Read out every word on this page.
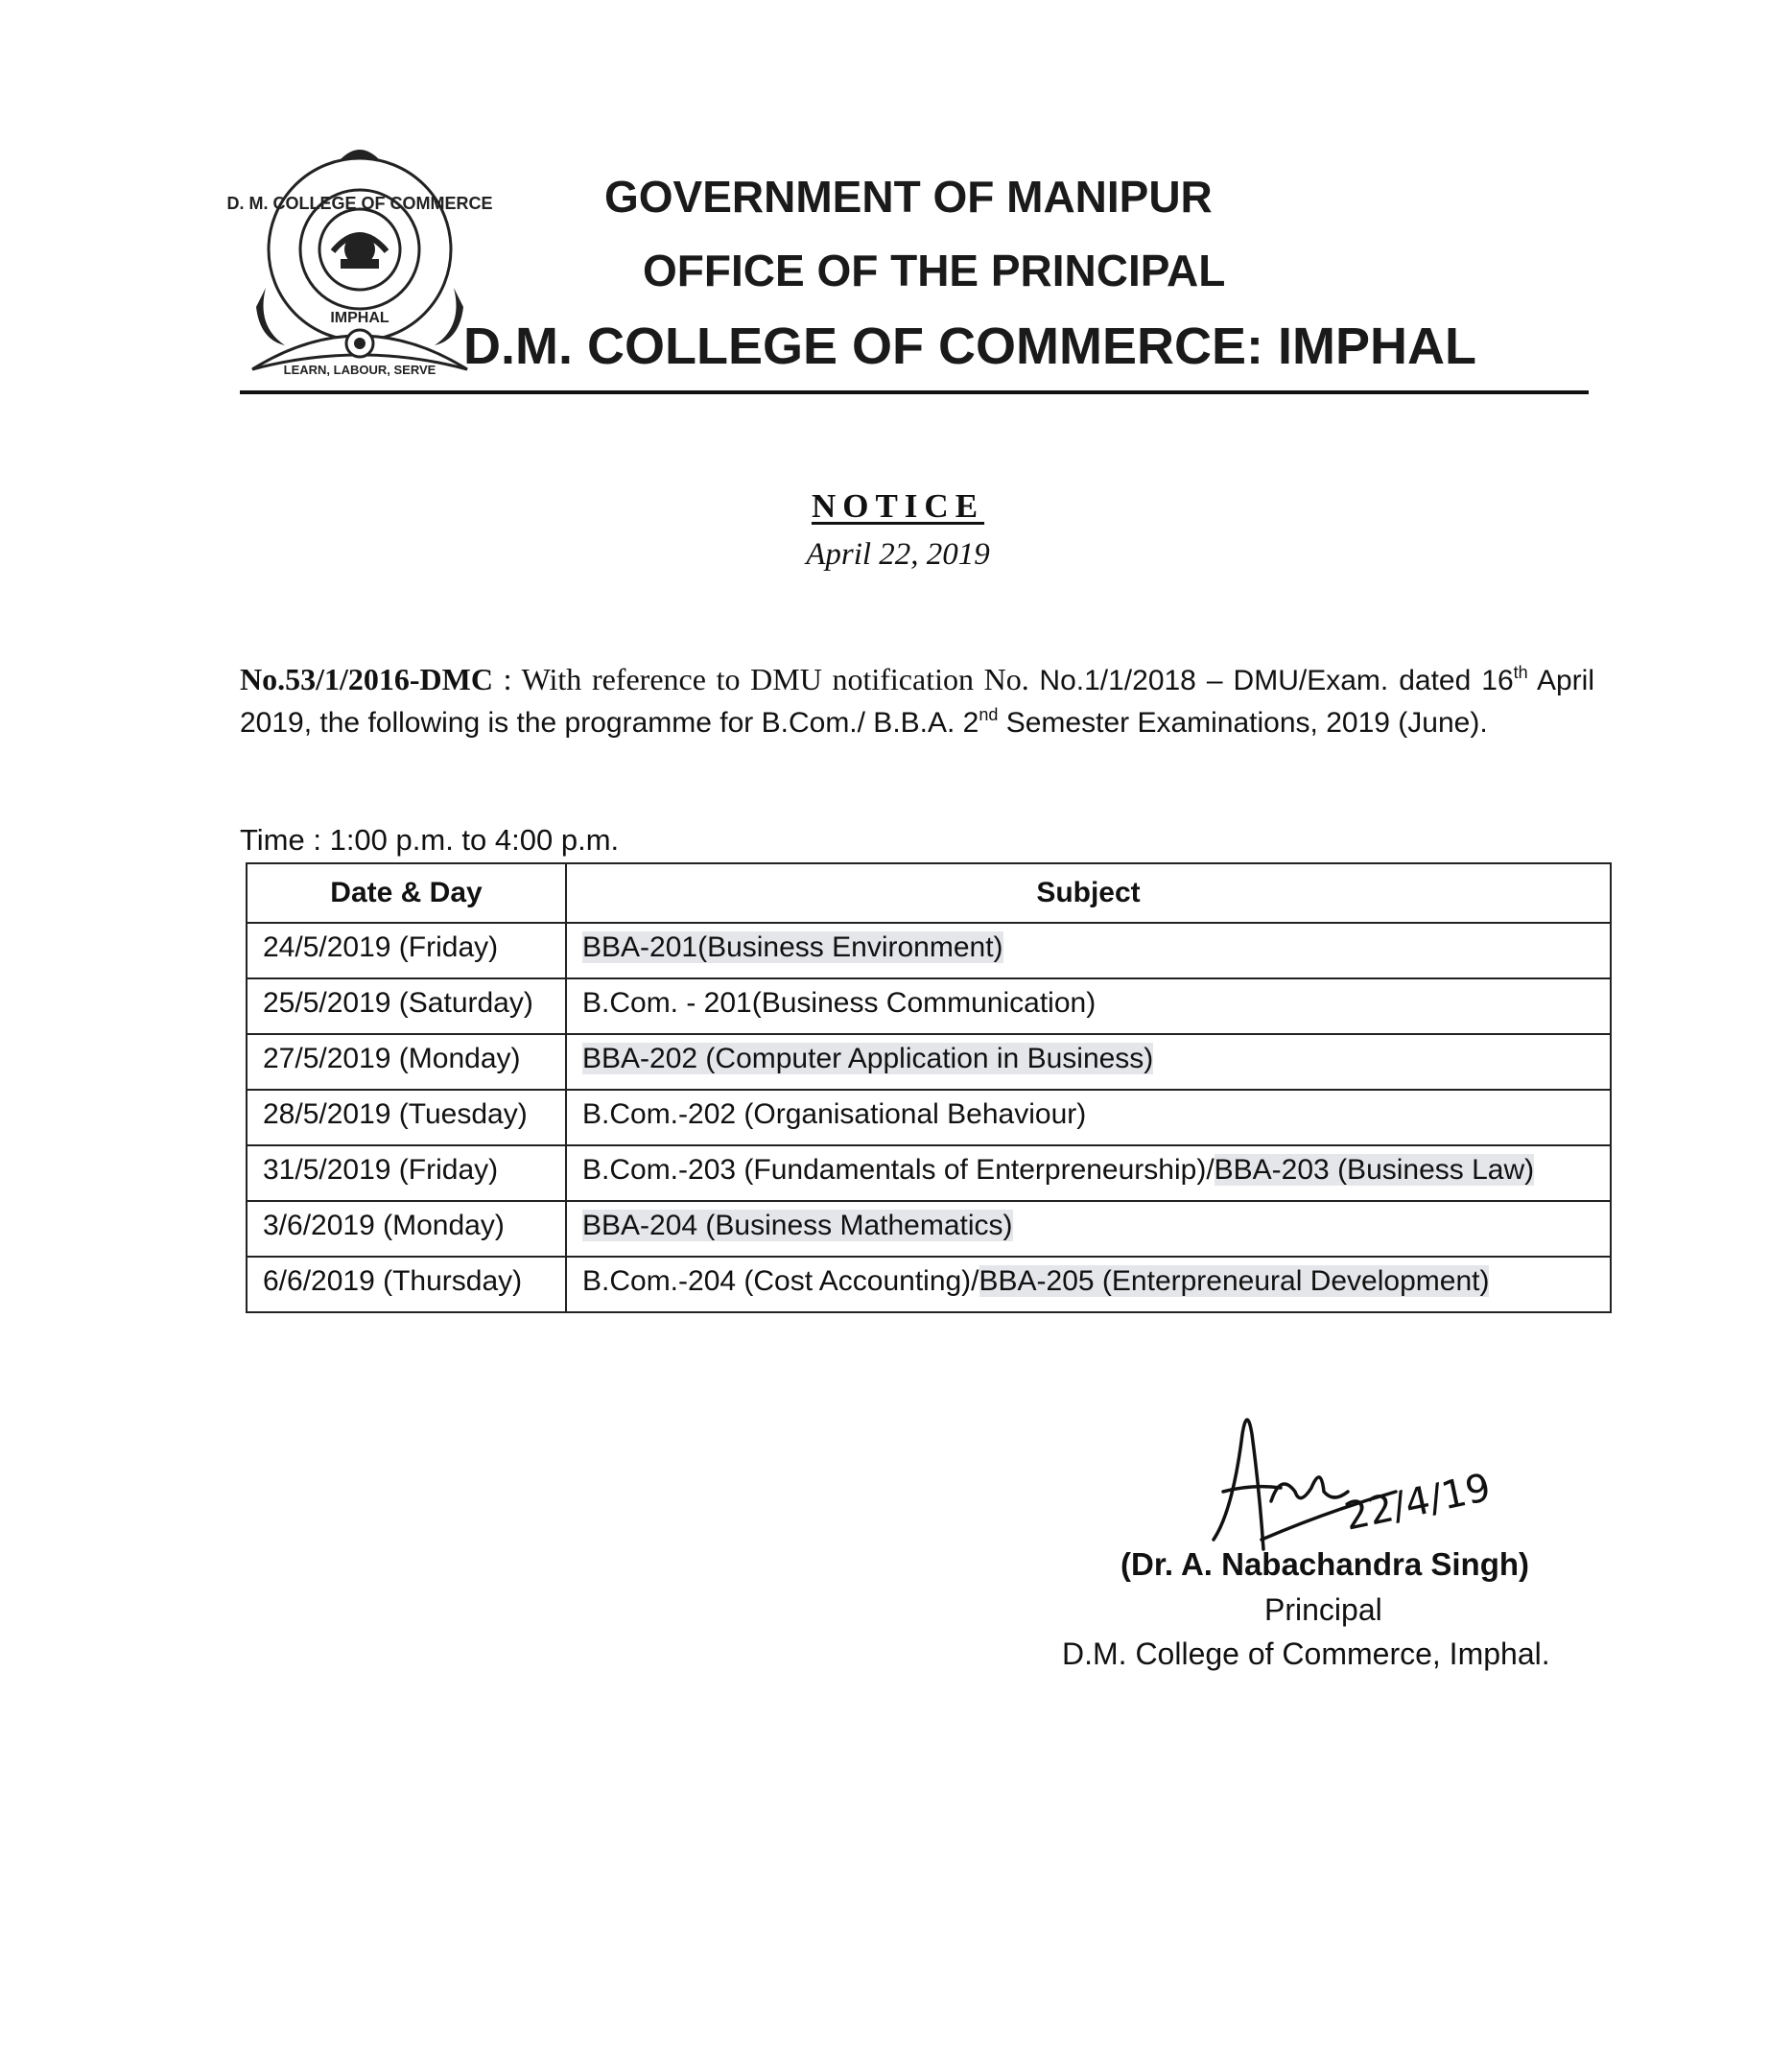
D. M. COLLEGE OF COMMERCE
IMPHAL
LEARN, LABOUR, SERVE
GOVERNMENT OF MANIPUR
OFFICE OF THE PRINCIPAL
D.M. COLLEGE OF COMMERCE: IMPHAL
NOTICE
April 22, 2019
No.53/1/2016-DMC : With reference to DMU notification No. No.1/1/2018 – DMU/Exam. dated 16th April 2019, the following is the programme for B.Com./ B.B.A. 2nd Semester Examinations, 2019 (June).
Time : 1:00 p.m. to 4:00 p.m.
Date & Day	Subject
24/5/2019 (Friday)	BBA-201(Business Environment)
25/5/2019 (Saturday)	B.Com. - 201(Business Communication)
27/5/2019 (Monday)	BBA-202 (Computer Application in Business)
28/5/2019 (Tuesday)	B.Com.-202 (Organisational Behaviour)
31/5/2019 (Friday)	B.Com.-203 (Fundamentals of Enterpreneurship)/BBA-203 (Business Law)
3/6/2019 (Monday)	BBA-204 (Business Mathematics)
6/6/2019 (Thursday)	B.Com.-204 (Cost Accounting)/BBA-205 (Enterpreneural Development)
22/4/19
(Dr. A. Nabachandra Singh)
Principal
D.M. College of Commerce, Imphal.
